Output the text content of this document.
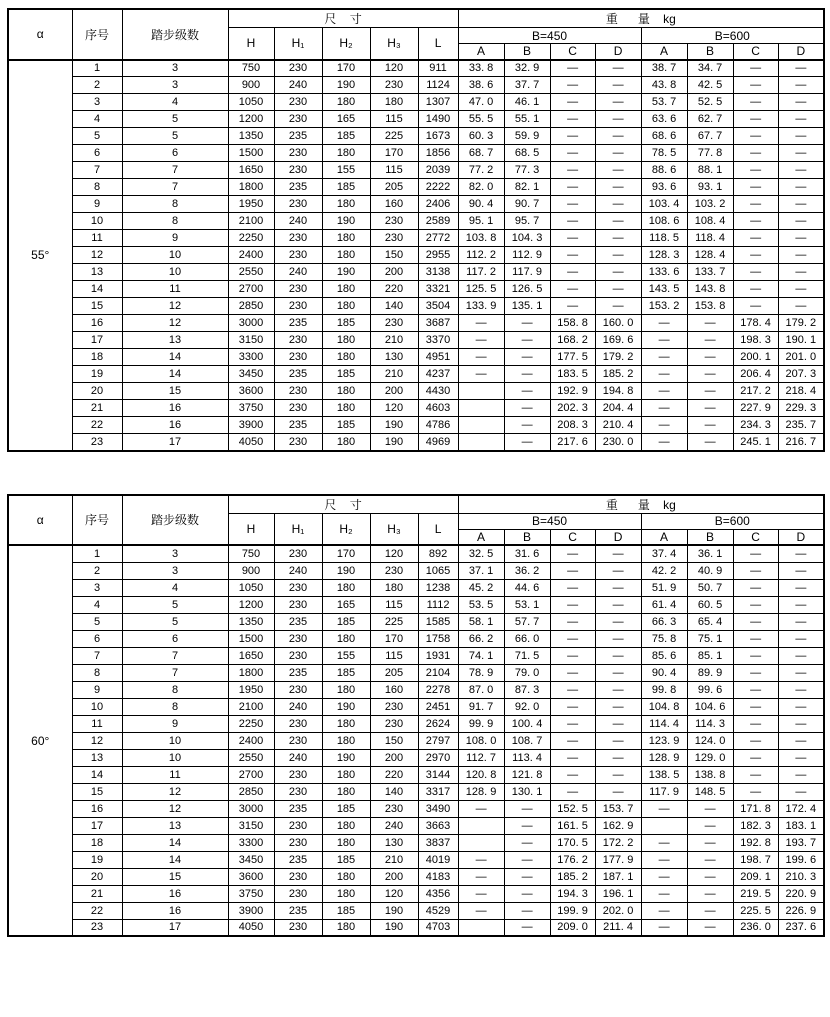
α	序号	踏步级数	尺    寸					重      量    kg							
			H	H₁	H₂	H₃	L	B=450				B=600			
								A	B	C	D	A	B	C	D
55°	1	3	750	230	170	120	911	33. 8	32. 9	—	—	38. 7	34. 7	—	—
	2	3	900	240	190	230	1124	38. 6	37. 7	—	—	43. 8	42. 5	—	—
	3	4	1050	230	180	180	1307	47. 0	46. 1	—	—	53. 7	52. 5	—	—
	4	5	1200	230	165	115	1490	55. 5	55. 1	—	—	63. 6	62. 7	—	—
	5	5	1350	235	185	225	1673	60. 3	59. 9	—	—	68. 6	67. 7	—	—
	6	6	1500	230	180	170	1856	68. 7	68. 5	—	—	78. 5	77. 8	—	—
	7	7	1650	230	155	115	2039	77. 2	77. 3	—	—	88. 6	88. 1	—	—
	8	7	1800	235	185	205	2222	82. 0	82. 1	—	—	93. 6	93. 1	—	—
	9	8	1950	230	180	160	2406	90. 4	90. 7	—	—	103. 4	103. 2	—	—
	10	8	2100	240	190	230	2589	95. 1	95. 7	—	—	108. 6	108. 4	—	—
	11	9	2250	230	180	230	2772	103. 8	104. 3	—	—	118. 5	118. 4	—	—
	12	10	2400	230	180	150	2955	112. 2	112. 9	—	—	128. 3	128. 4	—	—
	13	10	2550	240	190	200	3138	117. 2	117. 9	—	—	133. 6	133. 7	—	—
	14	11	2700	230	180	220	3321	125. 5	126. 5	—	—	143. 5	143. 8	—	—
	15	12	2850	230	180	140	3504	133. 9	135. 1	—	—	153. 2	153. 8	—	—
	16	12	3000	235	185	230	3687	—	—	158. 8	160. 0	—	—	178. 4	179. 2
	17	13	3150	230	180	210	3370	—	—	168. 2	169. 6	—	—	198. 3	190. 1
	18	14	3300	230	180	130	4951	—	—	177. 5	179. 2	—	—	200. 1	201. 0
	19	14	3450	235	185	210	4237	—	—	183. 5	185. 2	—	—	206. 4	207. 3
	20	15	3600	230	180	200	4430		—	192. 9	194. 8	—	—	217. 2	218. 4
	21	16	3750	230	180	120	4603		—	202. 3	204. 4	—	—	227. 9	229. 3
	22	16	3900	235	185	190	4786		—	208. 3	210. 4	—	—	234. 3	235. 7
	23	17	4050	230	180	190	4969		—	217. 6	230. 0	—	—	245. 1	216. 7
α	序号	踏步级数	尺    寸					重      量    kg							
			H	H₁	H₂	H₃	L	B=450				B=600			
								A	B	C	D	A	B	C	D
60°	1	3	750	230	170	120	892	32. 5	31. 6	—	—	37. 4	36. 1	—	—
	2	3	900	240	190	230	1065	37. 1	36. 2	—	—	42. 2	40. 9	—	—
	3	4	1050	230	180	180	1238	45. 2	44. 6	—	—	51. 9	50. 7	—	—
	4	5	1200	230	165	115	1112	53. 5	53. 1	—	—	61. 4	60. 5	—	—
	5	5	1350	235	185	225	1585	58. 1	57. 7	—	—	66. 3	65. 4	—	—
	6	6	1500	230	180	170	1758	66. 2	66. 0	—	—	75. 8	75. 1	—	—
	7	7	1650	230	155	115	1931	74. 1	71. 5	—	—	85. 6	85. 1	—	—
	8	7	1800	235	185	205	2104	78. 9	79. 0	—	—	90. 4	89. 9	—	—
	9	8	1950	230	180	160	2278	87. 0	87. 3	—	—	99. 8	99. 6	—	—
	10	8	2100	240	190	230	2451	91. 7	92. 0	—	—	104. 8	104. 6	—	—
	11	9	2250	230	180	230	2624	99. 9	100. 4	—	—	114. 4	114. 3	—	—
	12	10	2400	230	180	150	2797	108. 0	108. 7	—	—	123. 9	124. 0	—	—
	13	10	2550	240	190	200	2970	112. 7	113. 4	—	—	128. 9	129. 0	—	—
	14	11	2700	230	180	220	3144	120. 8	121. 8	—	—	138. 5	138. 8	—	—
	15	12	2850	230	180	140	3317	128. 9	130. 1	—	—	117. 9	148. 5	—	—
	16	12	3000	235	185	230	3490	—	—	152. 5	153. 7	—	—	171. 8	172. 4
	17	13	3150	230	180	240	3663		—	161. 5	162. 9		—	182. 3	183. 1
	18	14	3300	230	180	130	3837		—	170. 5	172. 2	—	—	192. 8	193. 7
	19	14	3450	235	185	210	4019	—	—	176. 2	177. 9	—	—	198. 7	199. 6
	20	15	3600	230	180	200	4183	—	—	185. 2	187. 1	—	—	209. 1	210. 3
	21	16	3750	230	180	120	4356	—	—	194. 3	196. 1	—	—	219. 5	220. 9
	22	16	3900	235	185	190	4529	—	—	199. 9	202. 0	—	—	225. 5	226. 9
	23	17	4050	230	180	190	4703		—	209. 0	211. 4	—	—	236. 0	237. 6
